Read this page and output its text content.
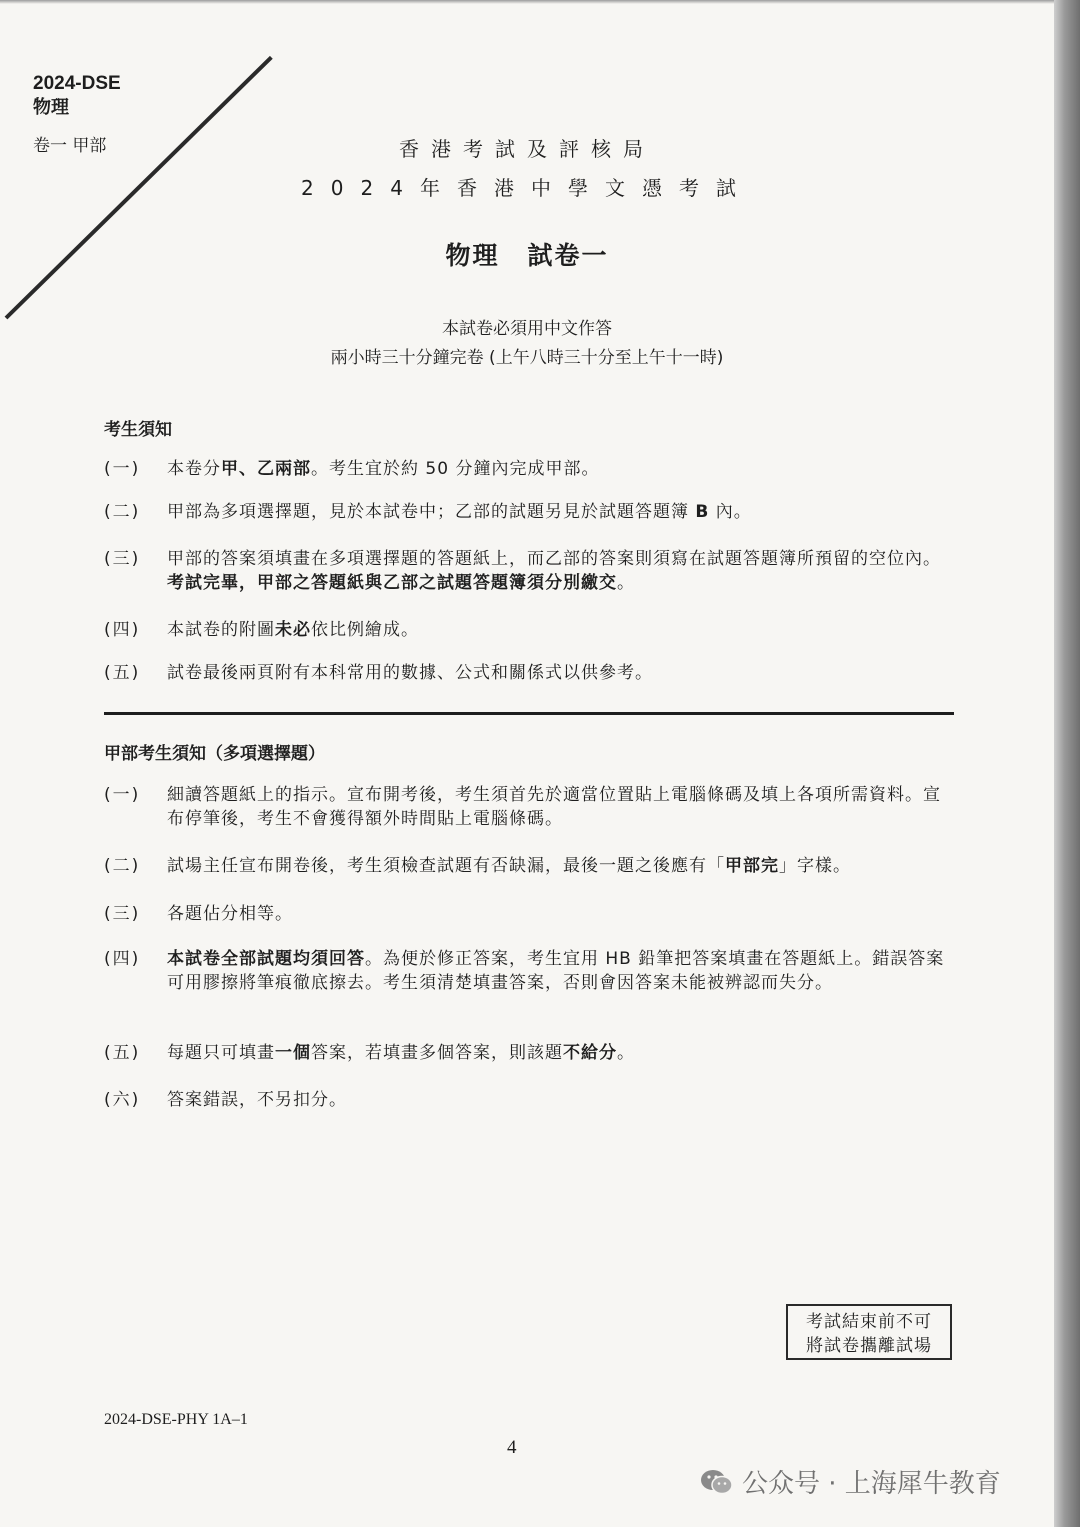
2024-DSE
物理
卷一 甲部	香港考試及評核局
2024年香港中學文憑考試
物理 試卷一
本試卷必須用中文作答
兩小時三十分鐘完卷 (上午八時三十分至上午十一時)
考生須知
(一)	本卷分甲、乙兩部。考生宜於約 50 分鐘內完成甲部。
(二)	甲部為多項選擇題，見於本試卷中；乙部的試題另見於試題答題簿 B 內。
(三)	甲部的答案須填畫在多項選擇題的答題紙上，而乙部的答案則須寫在試題答題簿所預留的空位內。考試完畢，甲部之答題紙與乙部之試題答題簿須分別繳交。
(四)	本試卷的附圖未必依比例繪成。
(五)	試卷最後兩頁附有本科常用的數據、公式和關係式以供參考。
甲部考生須知（多項選擇題）
(一)	細讀答題紙上的指示。宣布開考後，考生須首先於適當位置貼上電腦條碼及填上各項所需資料。宣布停筆後，考生不會獲得額外時間貼上電腦條碼。
(二)	試場主任宣布開卷後，考生須檢查試題有否缺漏，最後一題之後應有「甲部完」字樣。
(三)	各題佔分相等。
(四)	本試卷全部試題均須回答。為便於修正答案，考生宜用 HB 鉛筆把答案填畫在答題紙上。錯誤答案可用膠擦將筆痕徹底擦去。考生須清楚填畫答案，否則會因答案未能被辨認而失分。
(五)	每題只可填畫一個答案，若填畫多個答案，則該題不給分。
(六)	答案錯誤，不另扣分。
考試結束前不可
將試卷攜離試場
2024-DSE-PHY 1A–1
4
公众号 · 上海犀牛教育
